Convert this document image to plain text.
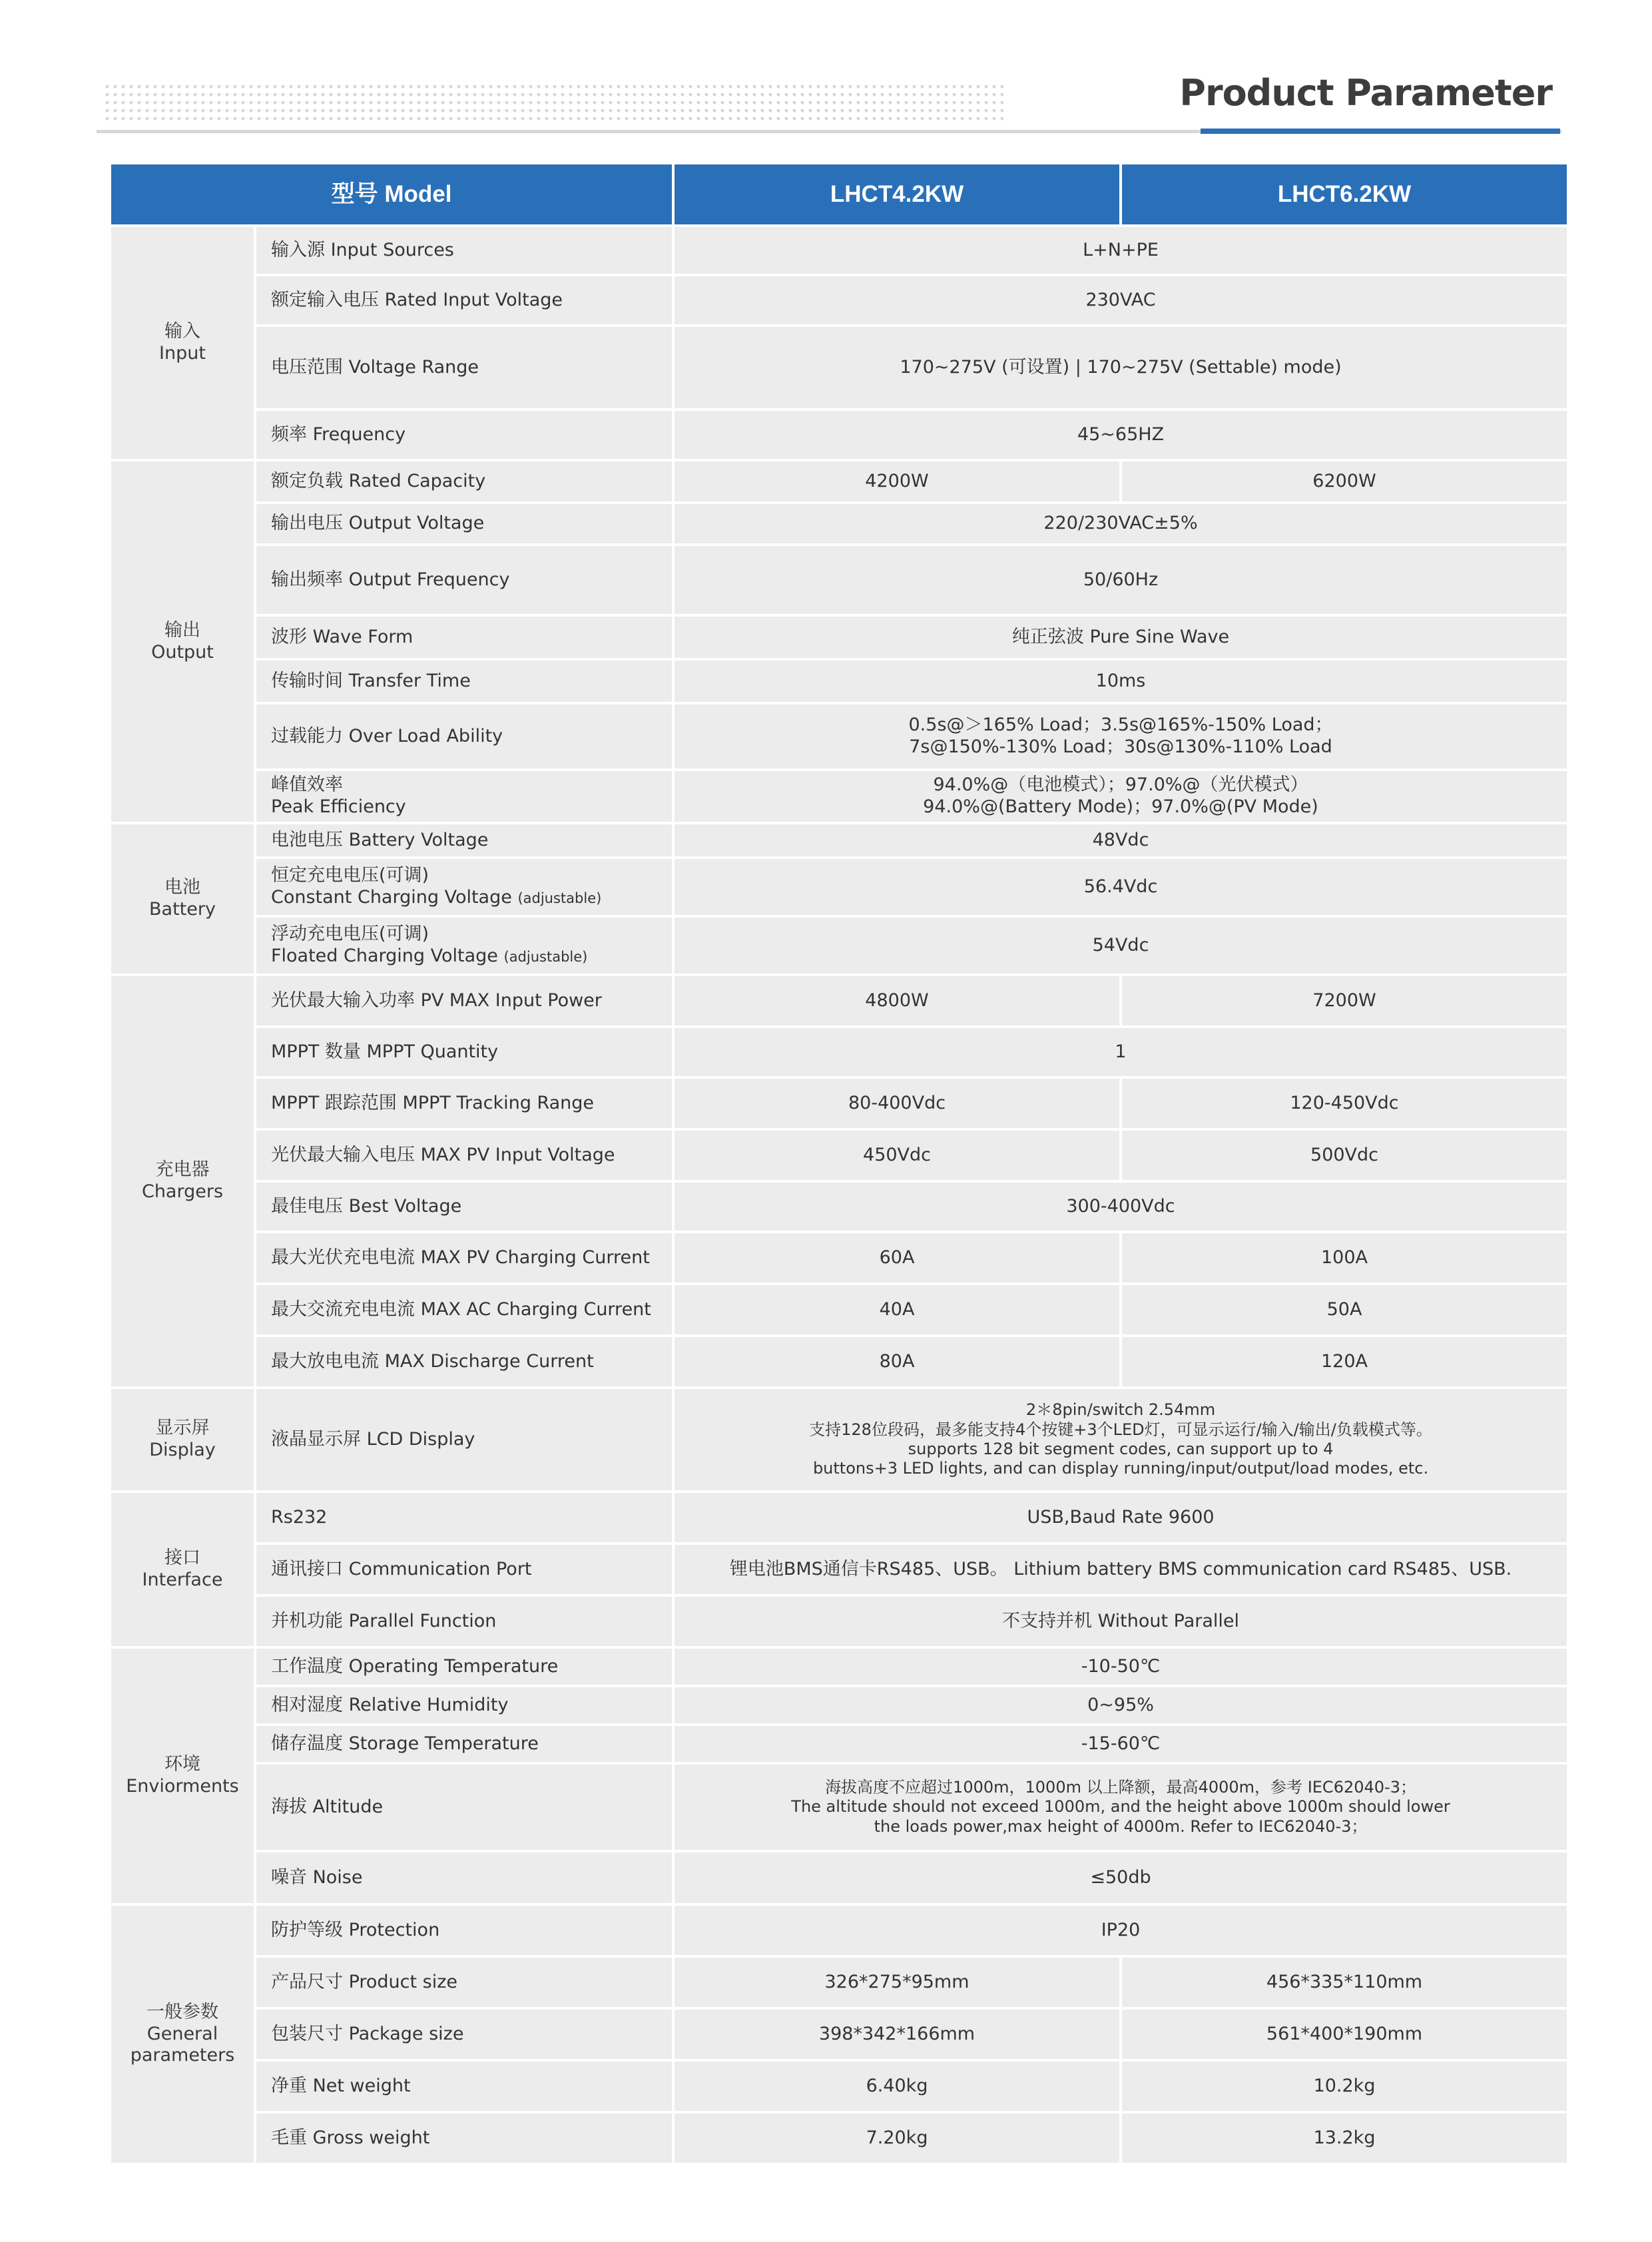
Product Parameter
型号 Model		LHCT4.2KW	LHCT6.2KW

输入
Input	输入源 Input Sources	L+N+PE	
	额定输入电压 Rated Input Voltage	230VAC	
	电压范围 Voltage Range	170~275V (可设置) | 170~275V (Settable) mode)	
	频率 Frequency	45~65HZ	

输出
Output	额定负载 Rated Capacity	4200W	6200W
	输出电压 Output Voltage	220/230VAC±5%	
	输出频率 Output Frequency	50/60Hz	
	波形 Wave Form	纯正弦波 Pure Sine Wave	
	传输时间 Transfer Time	10ms	
	过载能力 Over Load Ability	0.5s@＞165% Load；3.5s@165%-150% Load；
7s@150%-130% Load；30s@130%-110% Load	

	峰值效率
Peak Efficiency	94.0%@（电池模式）；97.0%@（光伏模式）
94.0%@(Battery Mode)；97.0%@(PV Mode)	

电池
Battery	电池电压 Battery Voltage	48Vdc	

	恒定充电电压(可调)
Constant Charging Voltage (adjustable)	56.4Vdc	

	浮动充电电压(可调)
Floated Charging Voltage (adjustable)	54Vdc	

充电器
Chargers	光伏最大输入功率 PV MAX Input Power	4800W	7200W
	MPPT 数量 MPPT Quantity	1	
	MPPT 跟踪范围 MPPT Tracking Range	80-400Vdc	120-450Vdc
	光伏最大输入电压 MAX PV Input Voltage	450Vdc	500Vdc
	最佳电压 Best Voltage	300-400Vdc	
	最大光伏充电电流 MAX PV Charging Current	60A	100A
	最大交流充电电流 MAX AC Charging Current	40A	50A
	最大放电电流 MAX Discharge Current	80A	120A

显示屏
Display	液晶显示屏 LCD Display	2＊8pin/switch 2.54mm
支持128位段码，最多能支持4个按键+3个LED灯，可显示运行/输入/输出/负载模式等。
supports 128 bit segment codes, can support up to 4
buttons+3 LED lights, and can display running/input/output/load modes, etc.	

接口
Interface	Rs232	USB,Baud Rate 9600	
	通讯接口 Communication Port	锂电池BMS通信卡RS485、USB。 Lithium battery BMS communication card RS485、USB.	
	并机功能 Parallel Function	不支持并机 Without Parallel	

环境
Enviorments	工作温度 Operating Temperature	-10-50℃	
	相对湿度 Relative Humidity	0~95%	
	储存温度 Storage Temperature	-15-60℃	
	海拔 Altitude	海拔高度不应超过1000m，1000m 以上降额，最高4000m，参考 IEC62040-3；
The altitude should not exceed 1000m, and the height above 1000m should lower
the loads power,max height of 4000m. Refer to IEC62040-3；	

	噪音 Noise	≤50db	

一般参数
General
parameters	防护等级 Protection	IP20	
	产品尺寸 Product size	326*275*95mm	456*335*110mm
	包装尺寸 Package size	398*342*166mm	561*400*190mm
	净重 Net weight	6.40kg	10.2kg
	毛重 Gross weight	7.20kg	13.2kg
